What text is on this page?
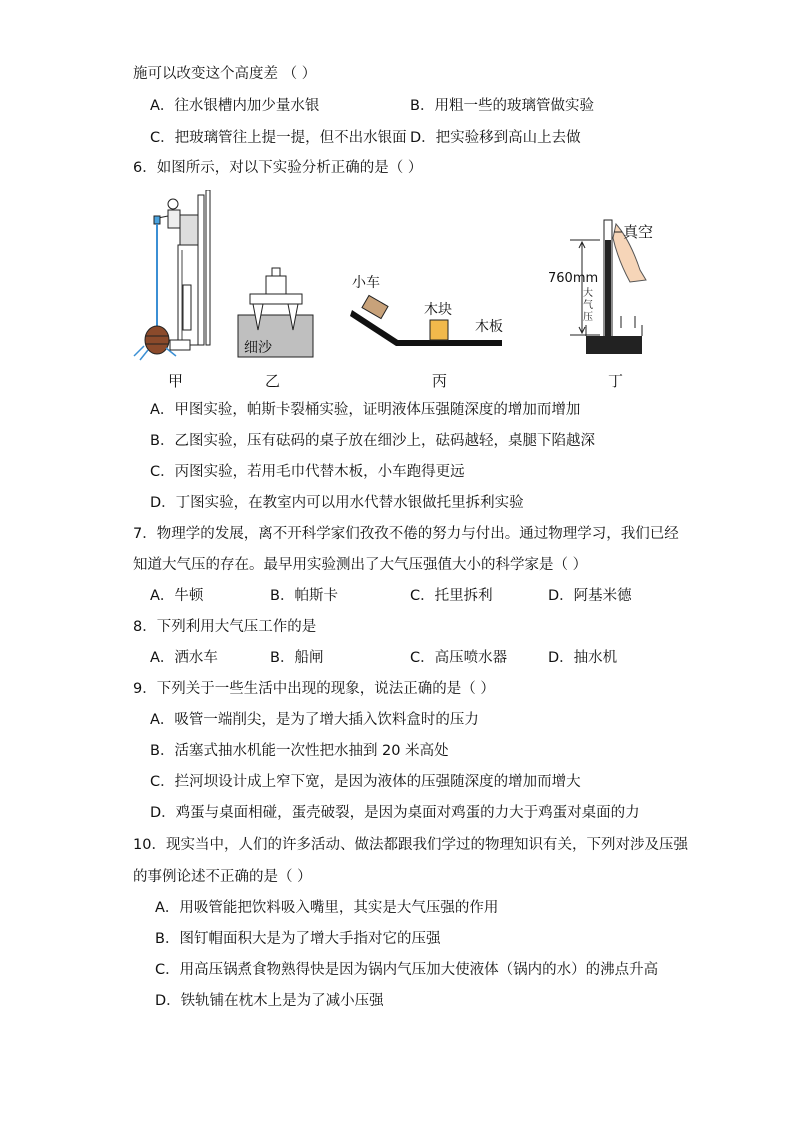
施可以改变这个高度差 （ ）
A．往水银槽内加少量水银	B．用粗一些的玻璃管做实验
C．把玻璃管往上提一提，但不出水银面 D．把实验移到高山上去做
6．如图所示，对以下实验分析正确的是（ ）
细沙
小车
木块
木板
真空
760mm
大
气
压
甲	乙	丙	丁
A．甲图实验，帕斯卡裂桶实验，证明液体压强随深度的增加而增加
B．乙图实验，压有砝码的桌子放在细沙上，砝码越轻，桌腿下陷越深
C．丙图实验，若用毛巾代替木板，小车跑得更远
D．丁图实验，在教室内可以用水代替水银做托里拆利实验
7．物理学的发展，离不开科学家们孜孜不倦的努力与付出。通过物理学习，我们已经
知道大气压的存在。最早用实验测出了大气压强值大小的科学家是（ ）
A．牛顿	B．帕斯卡	C．托里拆利	D．阿基米德
8．下列利用大气压工作的是
A．洒水车	B．船闸	C．高压喷水器	D．抽水机
9．下列关于一些生活中出现的现象，说法正确的是（ ）
A．吸管一端削尖，是为了增大插入饮料盒时的压力
B．活塞式抽水机能一次性把水抽到 20 米高处
C．拦河坝设计成上窄下宽，是因为液体的压强随深度的增加而增大
D．鸡蛋与桌面相碰，蛋壳破裂，是因为桌面对鸡蛋的力大于鸡蛋对桌面的力
10．现实当中，人们的许多活动、做法都跟我们学过的物理知识有关，下列对涉及压强
的事例论述不正确的是（ ）
A．用吸管能把饮料吸入嘴里，其实是大气压强的作用
B．图钉帽面积大是为了增大手指对它的压强
C．用高压锅煮食物熟得快是因为锅内气压加大使液体（锅内的水）的沸点升高
D．铁轨铺在枕木上是为了减小压强
